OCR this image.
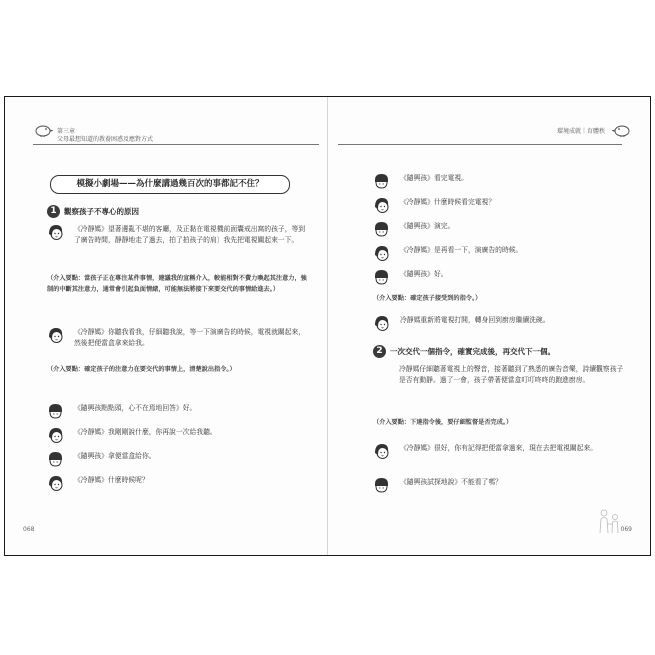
第三章
父母最想知道的教養困惑及應對方式
模擬小劇場——為什麼講過幾百次的事都記不住？
1 觀察孩子不專心的原因
《冷靜媽》望著邊亂不堪的客廳，及正黏在電視機前面囊戒出窩的孩子，等到了廣告時間，靜靜地走了過去，拍了拍孩子的肩〕我先把電視關起來一下。
（介入要點：當孩子正在專注某件事情，建議我的宣稱介入，較能相對不費力喚起其注意力，強制的中斷其注意力，通常會引起負面情緒，可能無法將接下來要交代的事情給進去。）
《冷靜媽》你聽我看我，仔細聽我說，等一下演廣告的時候，電視就關起來，然後把便當盒拿來給我。
（介入要點：確定孩子的注意力在要交代的事情上，清楚說出指令。）
《隨興孩點點頭，心不在焉地回答》好。
《冷靜媽》我剛剛說什麼，你再說一次給我聽。
《隨興孩》拿便當盒給你。
《冷靜媽》什麼時候呢？
068
環境成就｜育體秩
《隨興孩》看完電視。
《冷靜媽》什麼時候看完電視？
《隨興孩》演完。
《冷靜媽》是再看一下，演廣告的時候。
《隨興孩》好。
（介入要點：確定孩子接受到的指令。）
冷靜媽重新將電視打開，轉身回到廚房繼續洗碗。
2 一次交代一個指令，確實完成後，再交代下一個。
冷靜媽仔細聽著電視上的聲音，接著聽到了熟悉的廣告音樂，詩續觀察孩子是否有動靜。過了一會，孩子帶著便當盒叮叮咚咚的跑進廚房。
（介入要點：下達指令後，要仔細監督是否完成。）
《冷靜媽》很好，你有記得把便當拿過來，現在去把電視關起來。
《隨興孩試探地說》不能看了嗎？
069
